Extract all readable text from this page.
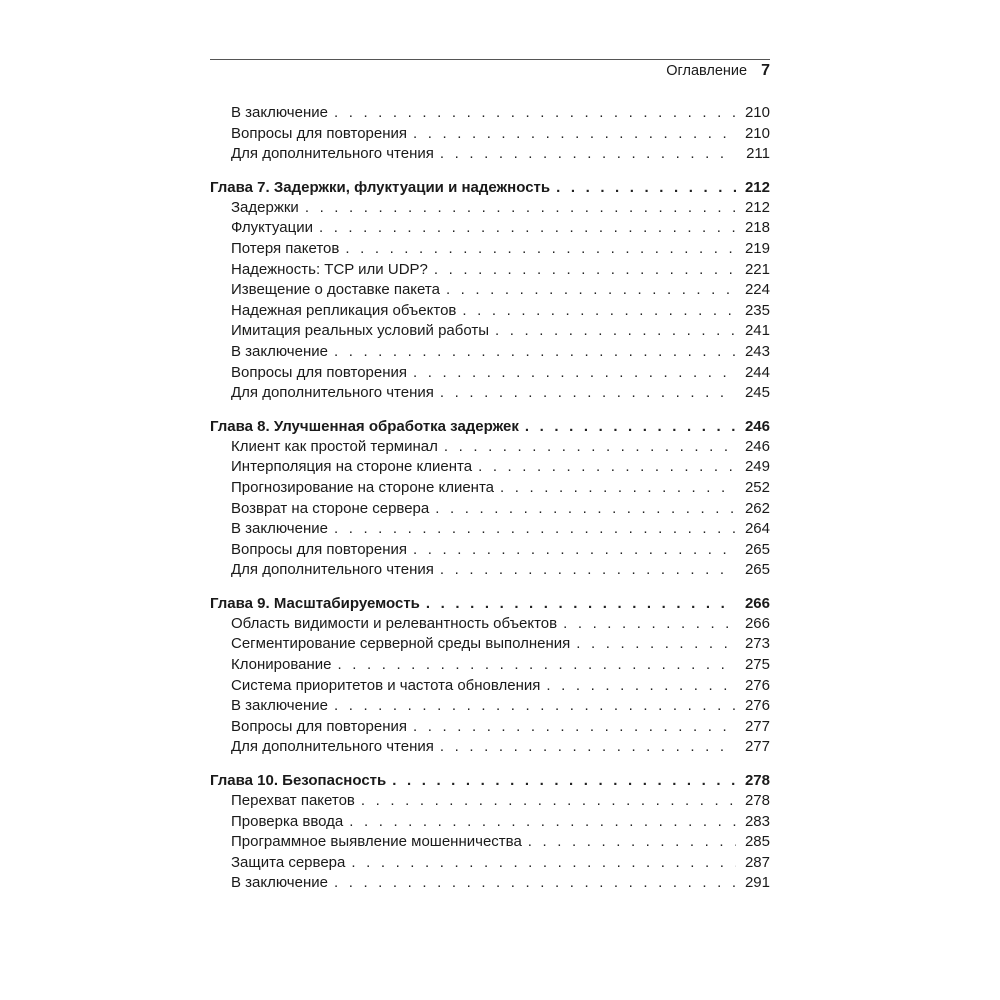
Оглавление 7
В заключение . . .	210
Вопросы для повторения . . .	210
Для дополнительного чтения . . .	211
Глава 7. Задержки, флуктуации и надежность . . .	212
Задержки . . .	212
Флуктуации . . .	218
Потеря пакетов . . .	219
Надежность: TCP или UDP? . . .	221
Извещение о доставке пакета . . .	224
Надежная репликация объектов . . .	235
Имитация реальных условий работы . . .	241
В заключение . . .	243
Вопросы для повторения . . .	244
Для дополнительного чтения . . .	245
Глава 8. Улучшенная обработка задержек . . .	246
Клиент как простой терминал . . .	246
Интерполяция на стороне клиента . . .	249
Прогнозирование на стороне клиента . . .	252
Возврат на стороне сервера . . .	262
В заключение . . .	264
Вопросы для повторения . . .	265
Для дополнительного чтения . . .	265
Глава 9. Масштабируемость . . .	266
Область видимости и релевантность объектов . . .	266
Сегментирование серверной среды выполнения . . .	273
Клонирование . . .	275
Система приоритетов и частота обновления . . .	276
В заключение . . .	276
Вопросы для повторения . . .	277
Для дополнительного чтения . . .	277
Глава 10. Безопасность . . .	278
Перехват пакетов . . .	278
Проверка ввода . . .	283
Программное выявление мошенничества . . .	285
Защита сервера . . .	287
В заключение . . .	291
